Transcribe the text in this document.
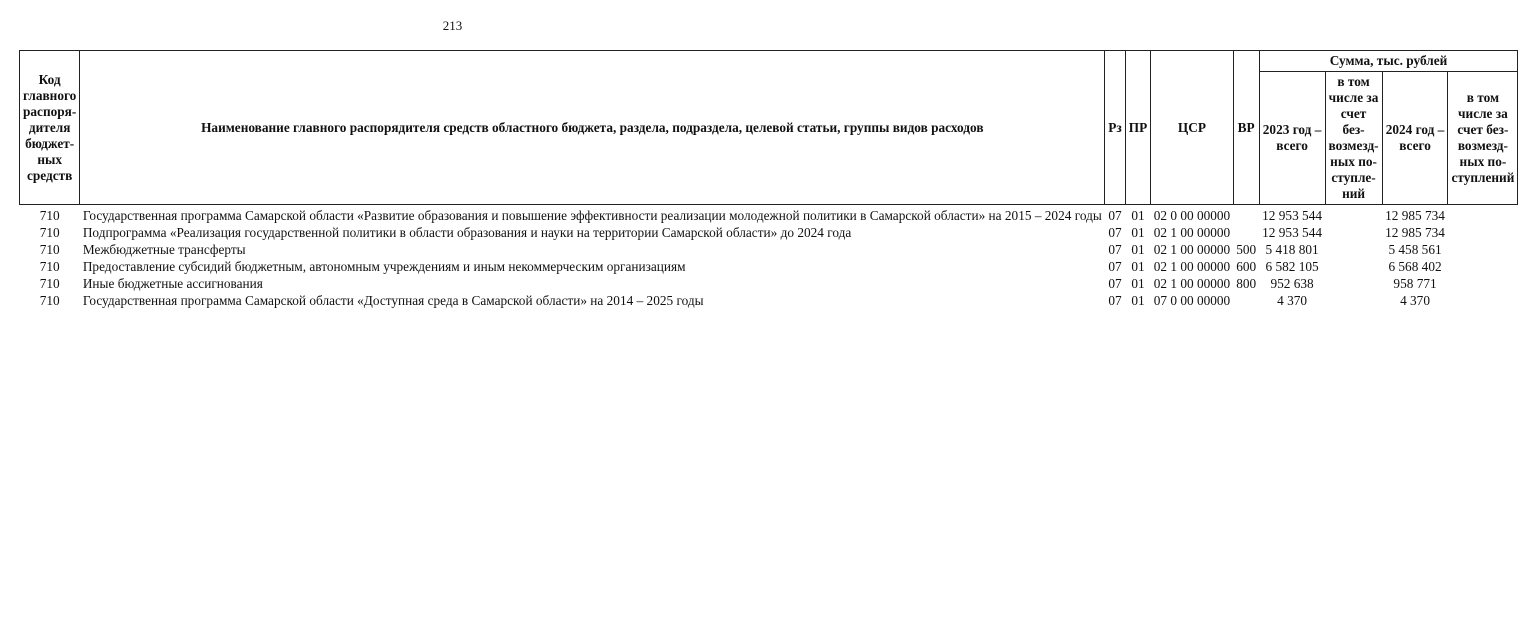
213
Код главного распоря-дителя бюджет-ных средств	Наименование главного распорядителя средств областного бюджета, раздела, подраздела, целевой статьи, группы видов расходов	Рз	ПР	ЦСР	ВР	Сумма, тыс. рублей			
						2023 год – всего	в том числе за счет без-возмезд-ных по-ступле-ний	2024 год – всего	в том числе за счет без-возмезд-ных по-ступлений
710	Государственная программа Самарской области «Развитие образования и повышение эффективности реализации молодежной политики в Самарской области» на 2015 – 2024 годы	07	01	02 0 00 00000		12 953 544		12 985 734	
710	Подпрограмма «Реализация государственной политики в области образования и науки на территории Самарской области» до 2024 года	07	01	02 1 00 00000		12 953 544		12 985 734	
710	Межбюджетные трансферты	07	01	02 1 00 00000	500	5 418 801		5 458 561	
710	Предоставление субсидий бюджетным, автономным учреждениям и иным некоммерческим организациям	07	01	02 1 00 00000	600	6 582 105		6 568 402	
710	Иные бюджетные ассигнования	07	01	02 1 00 00000	800	952 638		958 771	
710	Государственная программа Самарской области «Доступная среда в Самарской области» на 2014 – 2025 годы	07	01	07 0 00 00000		4 370		4 370	
